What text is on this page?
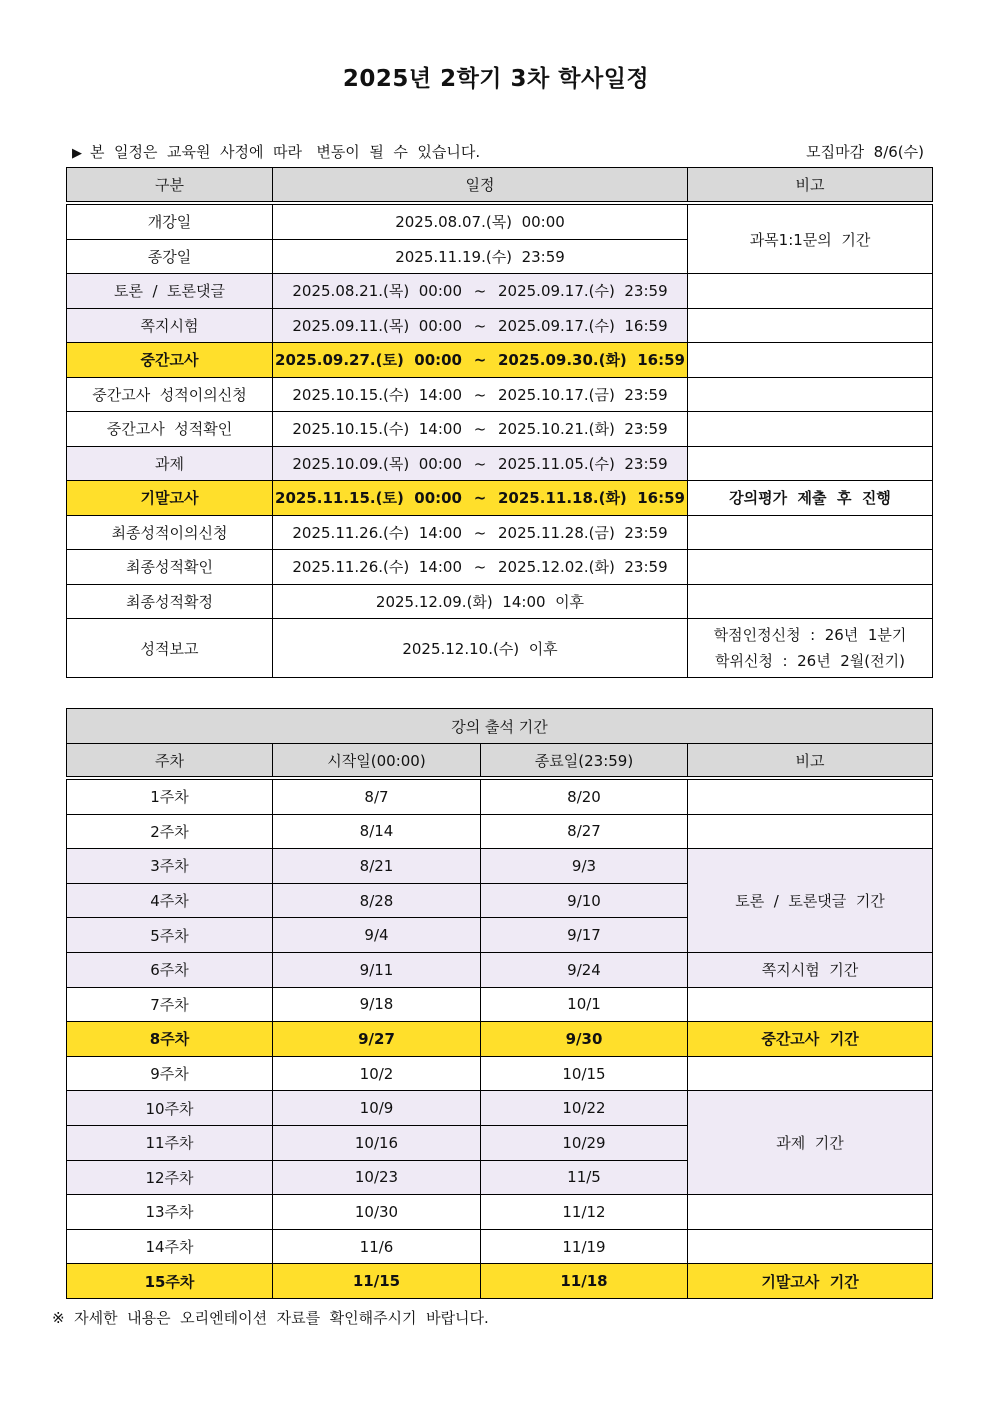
2025년 2학기 3차 학사일정
▶ 본  일정은  교육원  사정에  따라   변동이  될  수  있습니다.	모집마감  8/6(수)
구분	일정	비고
개강일	2025.08.07.(목)  00:00	과목1:1문의  기간
종강일	2025.11.19.(수)  23:59	
토론  /  토론댓글	2025.08.21.(목)  00:00 ~ 2025.09.17.(수)  23:59	
쪽지시험	2025.09.11.(목)  00:00 ~ 2025.09.17.(수)  16:59	
중간고사	2025.09.27.(토)  00:00 ~ 2025.09.30.(화)  16:59	
중간고사  성적이의신청	2025.10.15.(수)  14:00 ~ 2025.10.17.(금)  23:59	
중간고사  성적확인	2025.10.15.(수)  14:00 ~ 2025.10.21.(화)  23:59	
과제	2025.10.09.(목)  00:00 ~ 2025.11.05.(수)  23:59	
기말고사	2025.11.15.(토)  00:00 ~ 2025.11.18.(화)  16:59	강의평가  제출  후  진행
최종성적이의신청	2025.11.26.(수)  14:00 ~ 2025.11.28.(금)  23:59	
최종성적확인	2025.11.26.(수)  14:00 ~ 2025.12.02.(화)  23:59	
최종성적확정	2025.12.09.(화)  14:00  이후	
성적보고	2025.12.10.(수)  이후	학점인정신청  :  26년  1분기
학위신청  :  26년  2월(전기)
강의 출석 기간			
주차	시작일(00:00)	종료일(23:59)	비고
1주차	8/7	8/20	
2주차	8/14	8/27	
3주차	8/21	9/3	토론  /  토론댓글  기간
4주차	8/28	9/10	
5주차	9/4	9/17	
6주차	9/11	9/24	쪽지시험  기간
7주차	9/18	10/1	
8주차	9/27	9/30	중간고사  기간
9주차	10/2	10/15	
10주차	10/9	10/22	과제  기간
11주차	10/16	10/29	
12주차	10/23	11/5	
13주차	10/30	11/12	
14주차	11/6	11/19	
15주차	11/15	11/18	기말고사  기간
※  자세한  내용은  오리엔테이션  자료를  확인해주시기  바랍니다.
